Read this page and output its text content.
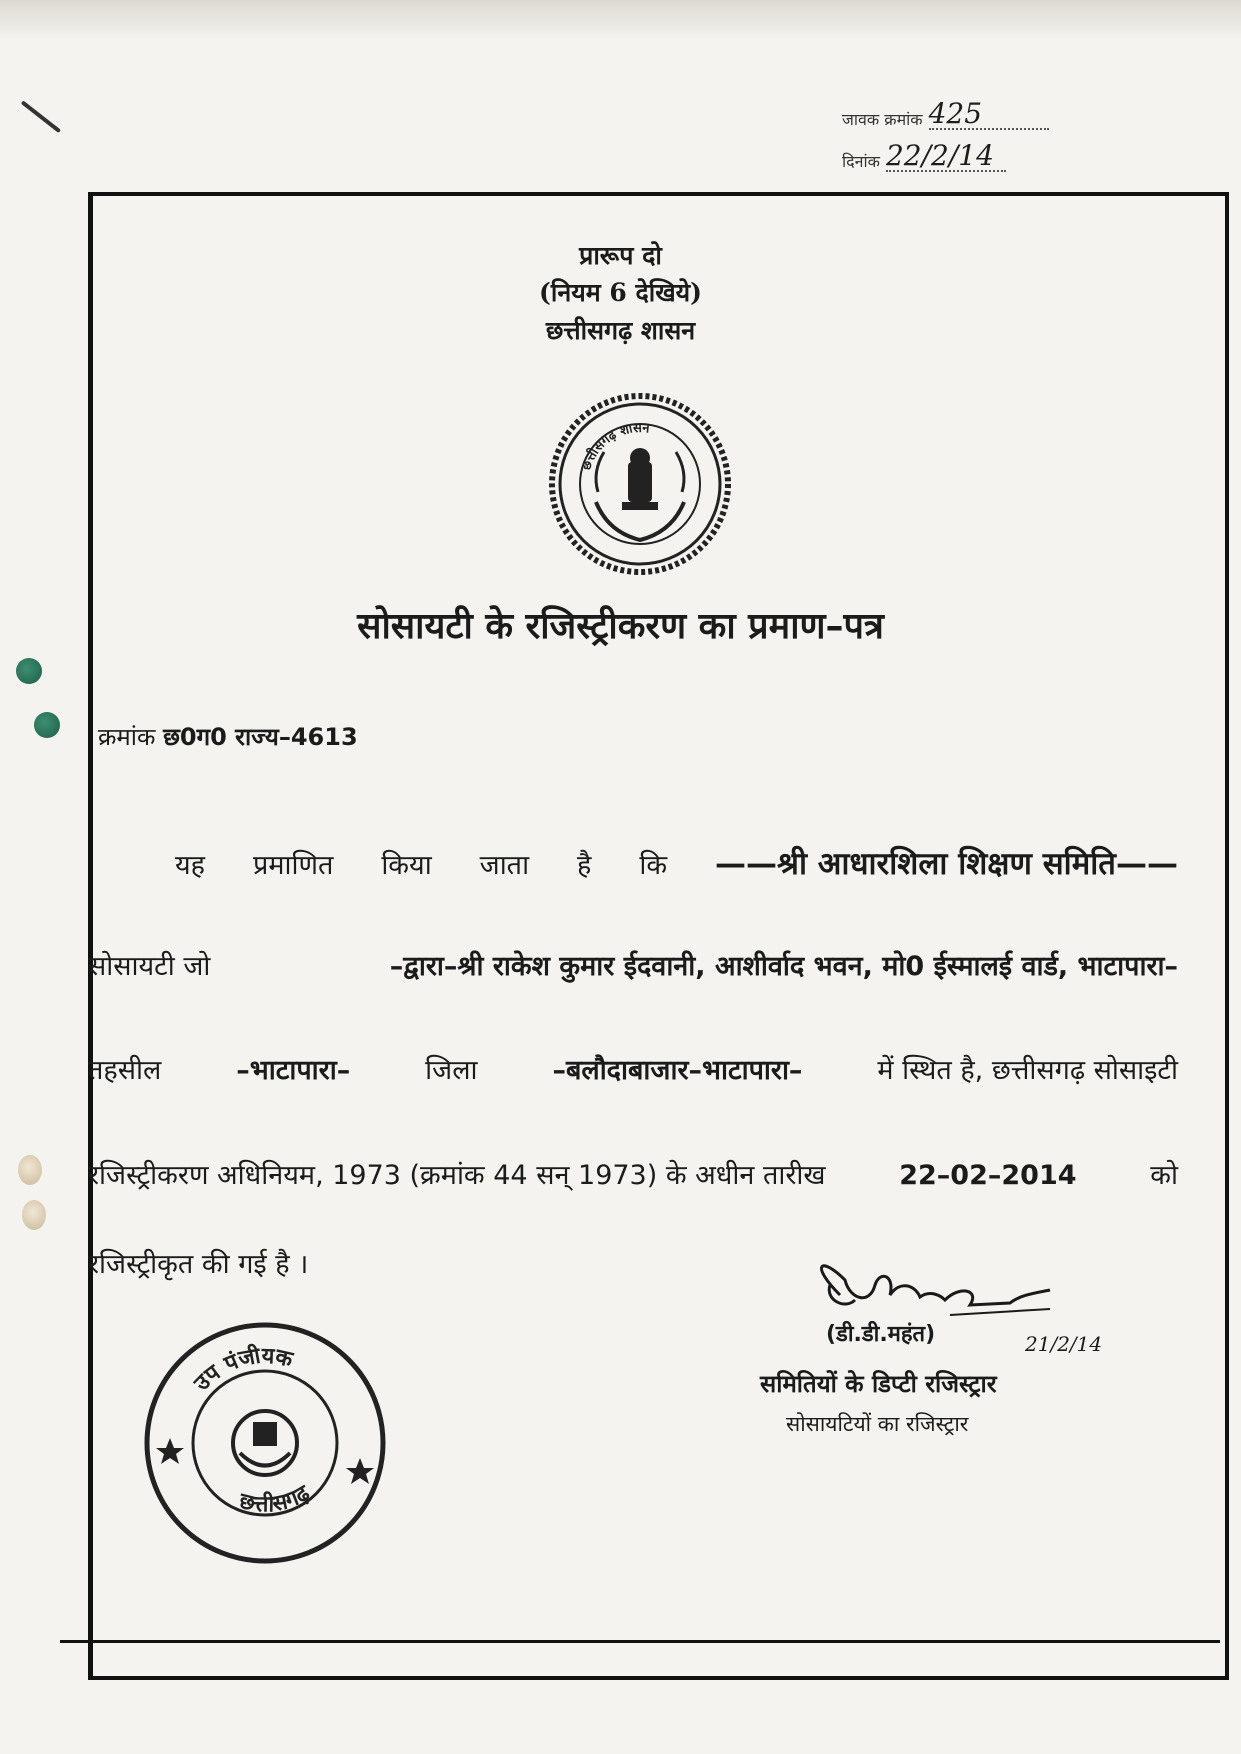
जावक क्रमांक 425
दिनांक 22/2/14
प्रारूप दो
(नियम 6 देखिये)
छत्तीसगढ़ शासन
छत्तीसगढ़ शासन
सोसायटी के रजिस्ट्रीकरण का प्रमाण–पत्र
क्रमांक छ0ग0 राज्य–4613
यह प्रमाणित किया जाता है कि ——श्री आधारशिला शिक्षण समिति——
सोसायटी जो	–द्वारा–श्री राकेश कुमार ईदवानी, आशीर्वाद भवन, मो0 ईस्मालई वार्ड, भाटापारा–
तहसील	–भाटापारा–	जिला	–बलौदाबाजार–भाटापारा–	में स्थित है, छत्तीसगढ़ सोसाइटी
रजिस्ट्रीकरण अधिनियम, 1973 (क्रमांक 44 सन् 1973) के अधीन तारीख	22–02–2014	को
रजिस्ट्रीकृत की गई है ।
उप पंजीयक
छत्तीसगढ़
(डी.डी.महंत)	21/2/14
समितियों के डिप्टी रजिस्ट्रार
सोसायटियों का रजिस्ट्रार
